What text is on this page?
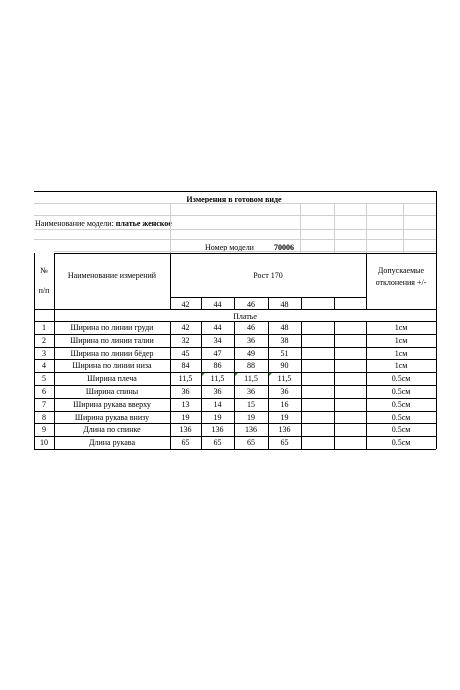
Измерения в готовом виде
Наименование модели: платье женское
Номер модели	70006
№
п/п
Наименование измерений	Рост 170
Допускаемые
отклонения +/-
42	44	46	48
Платье
1	Ширина по линии груди	42	44	46	48	1см
2	Ширина по линии талии	32	34	36	38	1см
3	Ширина по линии бёдер	45	47	49	51	1см
4	Ширина по линии низа	84	86	88	90	1см
5	Ширина плеча	11,5	11,5	11,5	11,5	0.5см
6	Ширина спины	36	36	36	36	0.5см
7	Ширина рукава вверху	13	14	15	16	0.5см
8	Ширина рукава внизу	19	19	19	19	0.5см
9	Длина по спинке	136	136	136	136	0.5см
10	Длина рукава	65	65	65	65	0.5см
